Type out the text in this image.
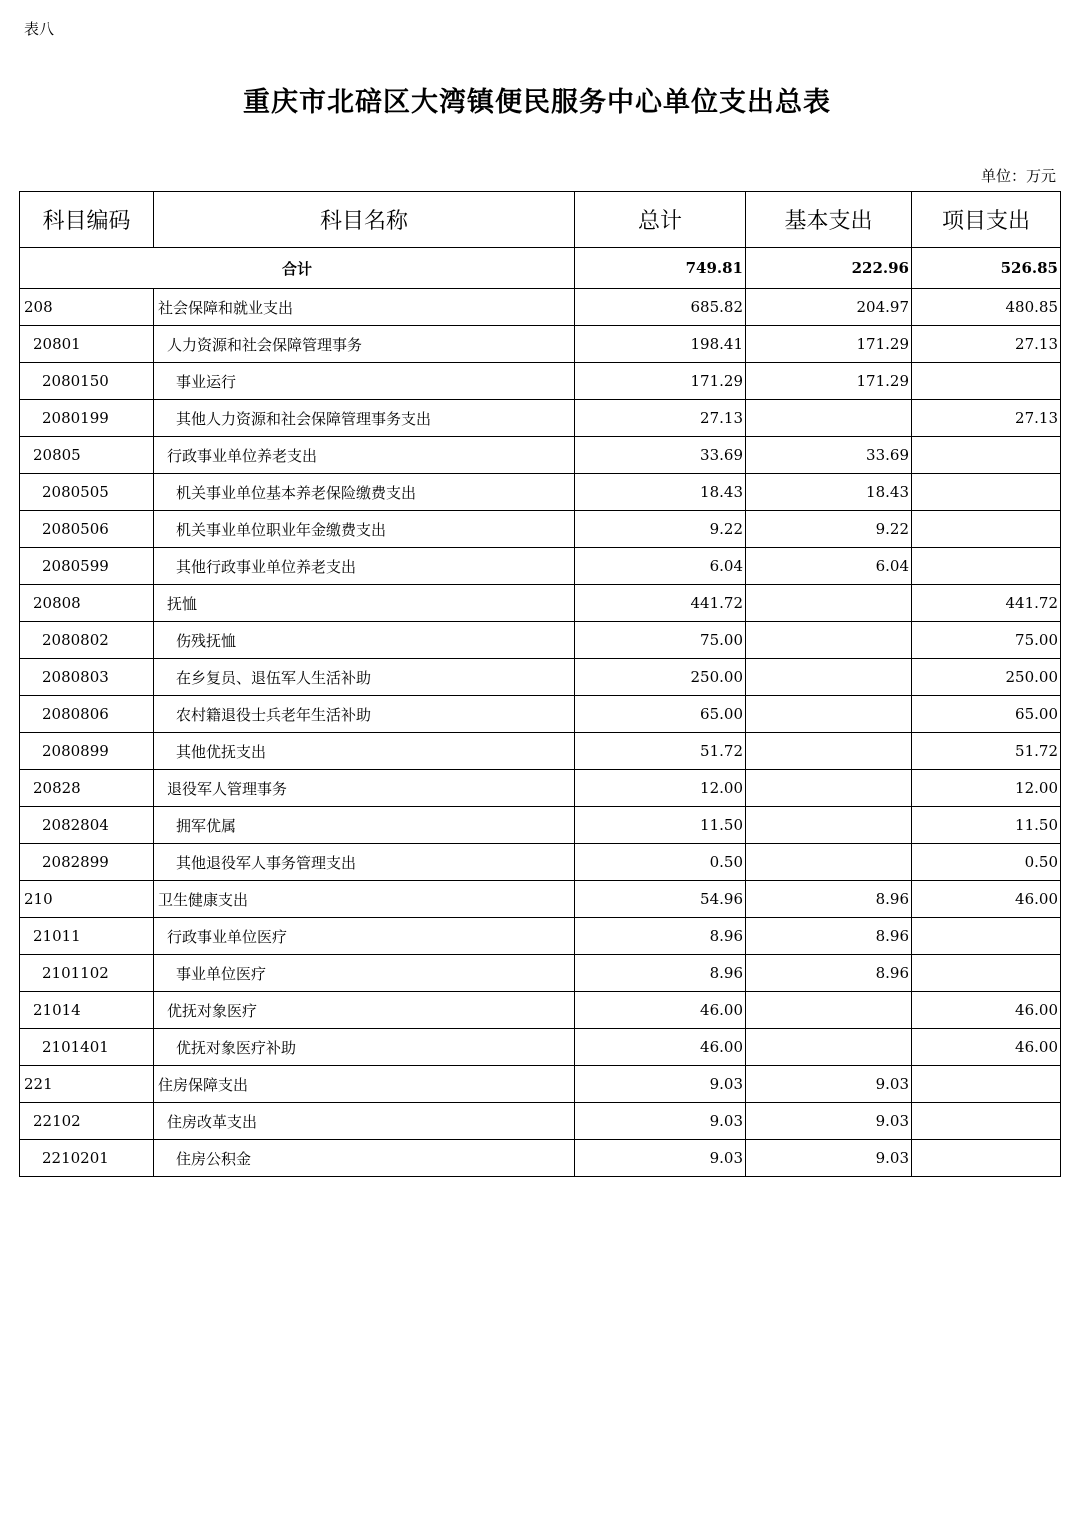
表八
重庆市北碚区大湾镇便民服务中心单位支出总表
单位：万元
科目编码	科目名称	总计	基本支出	项目支出
合计		749.81	222.96	526.85
208	社会保障和就业支出	685.82	204.97	480.85
20801	人力资源和社会保障管理事务	198.41	171.29	27.13
2080150	事业运行	171.29	171.29	
2080199	其他人力资源和社会保障管理事务支出	27.13		27.13
20805	行政事业单位养老支出	33.69	33.69	
2080505	机关事业单位基本养老保险缴费支出	18.43	18.43	
2080506	机关事业单位职业年金缴费支出	9.22	9.22	
2080599	其他行政事业单位养老支出	6.04	6.04	
20808	抚恤	441.72		441.72
2080802	伤残抚恤	75.00		75.00
2080803	在乡复员、退伍军人生活补助	250.00		250.00
2080806	农村籍退役士兵老年生活补助	65.00		65.00
2080899	其他优抚支出	51.72		51.72
20828	退役军人管理事务	12.00		12.00
2082804	拥军优属	11.50		11.50
2082899	其他退役军人事务管理支出	0.50		0.50
210	卫生健康支出	54.96	8.96	46.00
21011	行政事业单位医疗	8.96	8.96	
2101102	事业单位医疗	8.96	8.96	
21014	优抚对象医疗	46.00		46.00
2101401	优抚对象医疗补助	46.00		46.00
221	住房保障支出	9.03	9.03	
22102	住房改革支出	9.03	9.03	
2210201	住房公积金	9.03	9.03	
